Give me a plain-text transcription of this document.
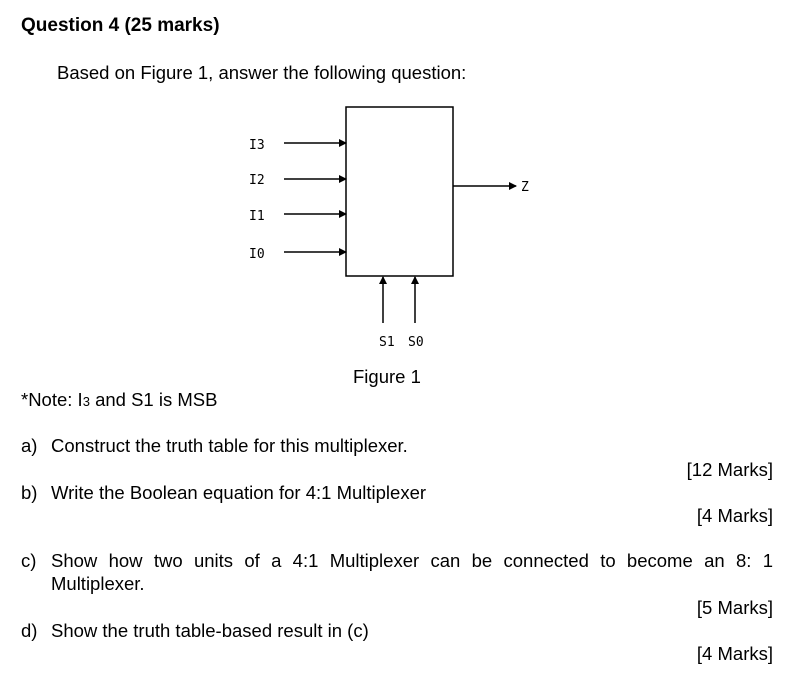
Question 4 (25 marks)
Based on Figure 1, answer the following question:
I3
I2
I1
I0
Z
S1 S0
Figure 1
*Note: I3 and S1 is MSB
a) Construct the truth table for this multiplexer.
[12 Marks]
b) Write the Boolean equation for 4:1 Multiplexer
[4 Marks]
c) Show how two units of a 4:1 Multiplexer can be connected to become an 8: 1
Multiplexer.
[5 Marks]
d) Show the truth table-based result in (c)
[4 Marks]
